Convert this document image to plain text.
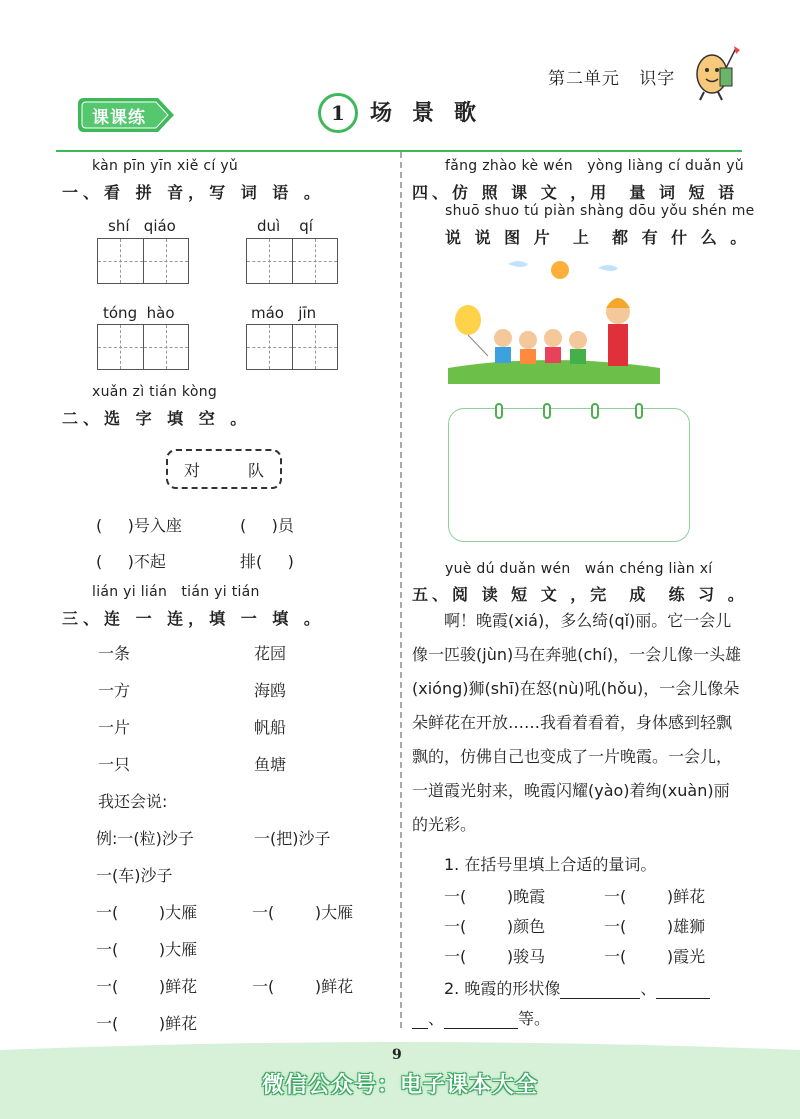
第二单元   识字
课课练	1	场景歌
kàn pīn yīn xiě cí yǔ
一、看 拼 音，写 词 语 。
shí   qiáo	duì    qí
tóng  hào	máo   jīn
xuǎn zì tián kòng
二、选 字 填 空 。
对	队
(     )号入座	(     )员
(     )不起	排(     )
lián yi lián   tián yi tián
三、连 一 连，填 一 填 。
一条	花园
一方	海鸥
一片	帆船
一只	鱼塘
我还会说:
例:一(粒)沙子	一(把)沙子
一(车)沙子
一(        )大雁	一(        )大雁
一(        )大雁
一(        )鲜花	一(        )鲜花
一(        )鲜花
fǎng zhào kè wén   yòng liàng cí duǎn yǔ
四、仿 照 课 文 ，用  量 词 短 语
shuō shuo tú piàn shàng dōu yǒu shén me
说 说 图 片  上  都 有 什 么 。
yuè dú duǎn wén   wán chéng liàn xí
五、阅 读 短 文 ，完  成  练 习 。
啊！晚霞(xiá)，多么绮(qǐ)丽。它一会儿像一匹骏(jùn)马在奔驰(chí)，一会儿像一头雄(xióng)狮(shī)在怒(nù)吼(hǒu)，一会儿像朵朵鲜花在开放……我看着看着，身体感到轻飘飘的，仿佛自己也变成了一片晚霞。一会儿，一道霞光射来，晚霞闪耀(yào)着绚(xuàn)丽的光彩。
1. 在括号里填上合适的量词。
一(        )晚霞	一(        )鲜花
一(        )颜色	一(        )雄狮
一(        )骏马	一(        )霞光
2. 晚霞的形状像	、
、	等。
9
微信公众号：电子课本大全
